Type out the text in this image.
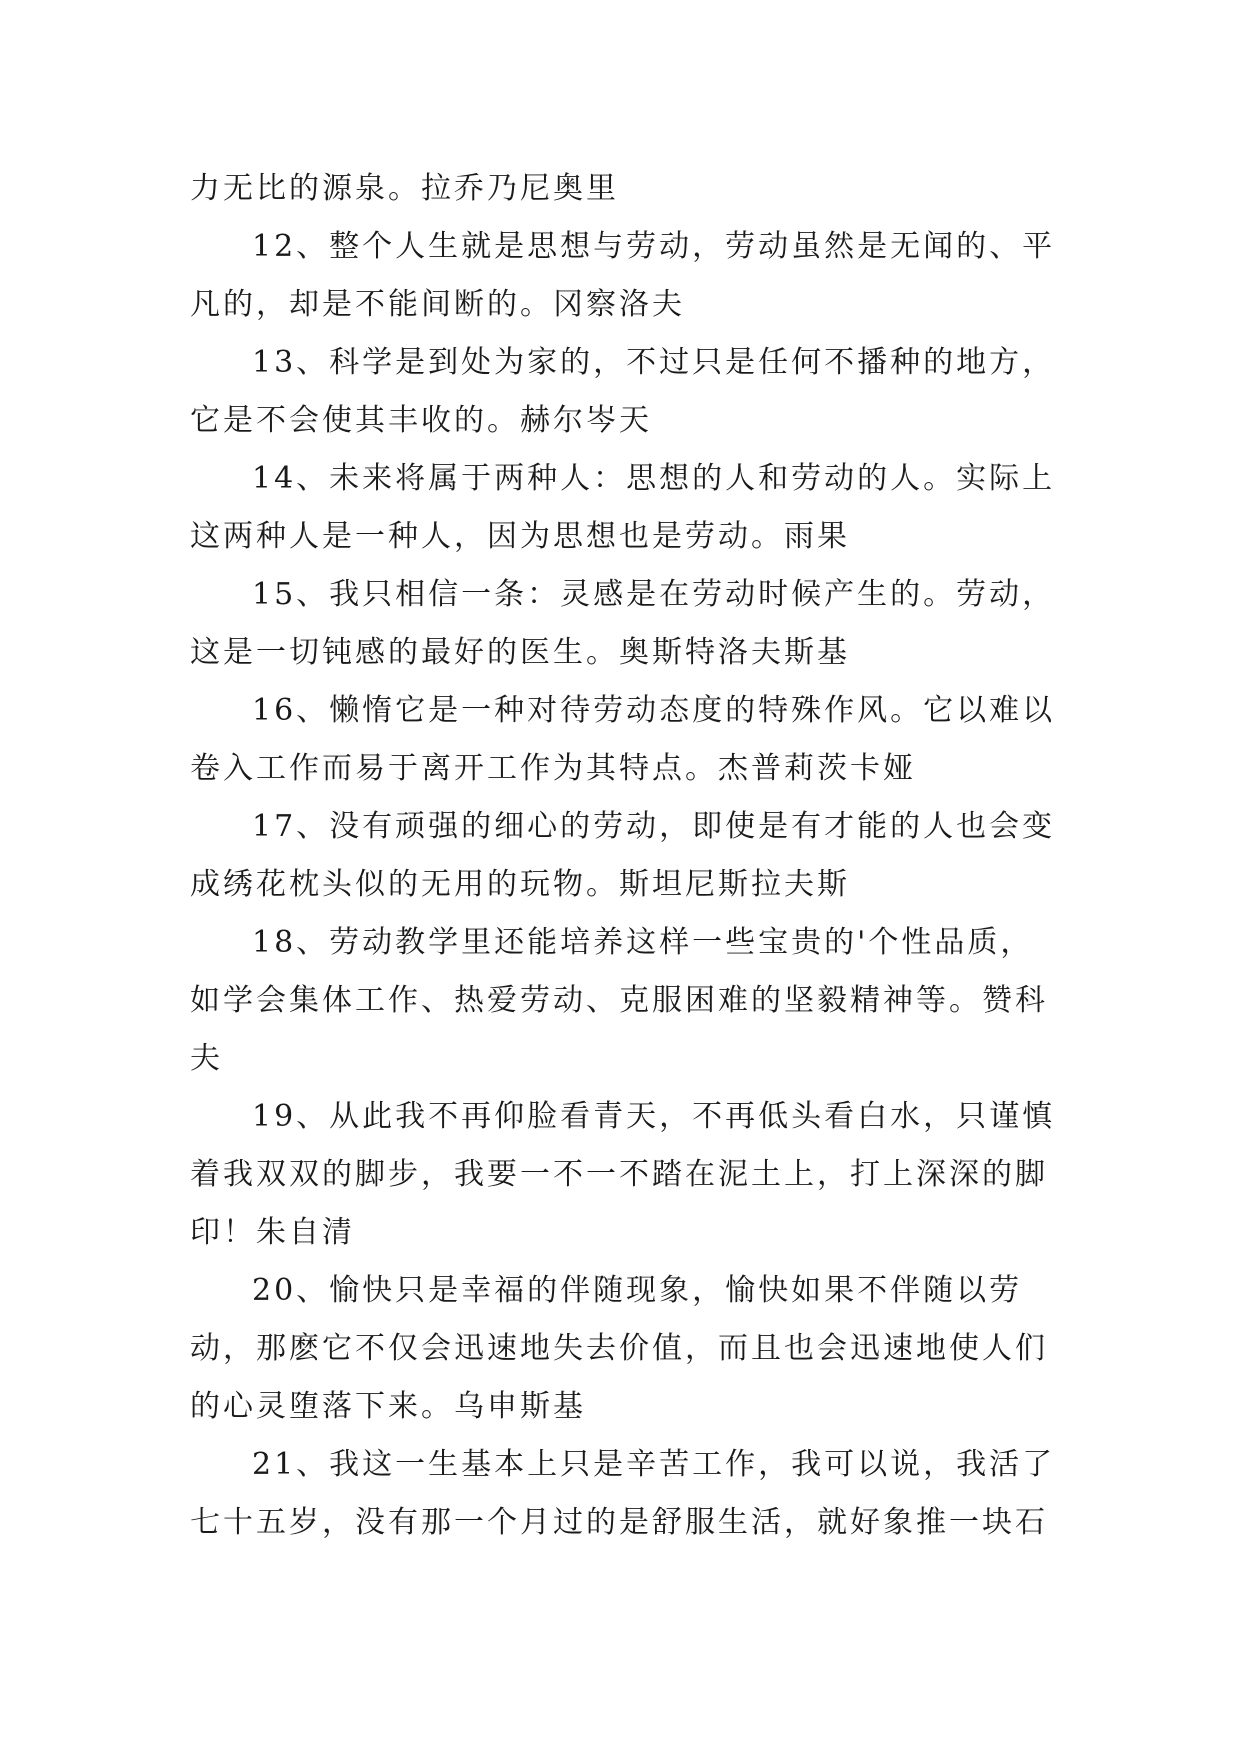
力无比的源泉。拉乔乃尼奥里

12、整个人生就是思想与劳动，劳动虽然是无闻的、平凡的，却是不能间断的。冈察洛夫

13、科学是到处为家的，不过只是任何不播种的地方，它是不会使其丰收的。赫尔岑天

14、未来将属于两种人：思想的人和劳动的人。实际上这两种人是一种人，因为思想也是劳动。雨果

15、我只相信一条：灵感是在劳动时候产生的。劳动，这是一切钝感的最好的医生。奥斯特洛夫斯基

16、懒惰它是一种对待劳动态度的特殊作风。它以难以卷入工作而易于离开工作为其特点。杰普莉茨卡娅

17、没有顽强的细心的劳动，即使是有才能的人也会变成绣花枕头似的无用的玩物。斯坦尼斯拉夫斯

18、劳动教学里还能培养这样一些宝贵的'个性品质，如学会集体工作、热爱劳动、克服困难的坚毅精神等。赞科夫

19、从此我不再仰脸看青天，不再低头看白水，只谨慎着我双双的脚步，我要一不一不踏在泥土上，打上深深的脚印！朱自清

20、愉快只是幸福的伴随现象，愉快如果不伴随以劳动，那麽它不仅会迅速地失去价值，而且也会迅速地使人们的心灵堕落下来。乌申斯基

21、我这一生基本上只是辛苦工作，我可以说，我活了七十五岁，没有那一个月过的是舒服生活，就好象推一块石
